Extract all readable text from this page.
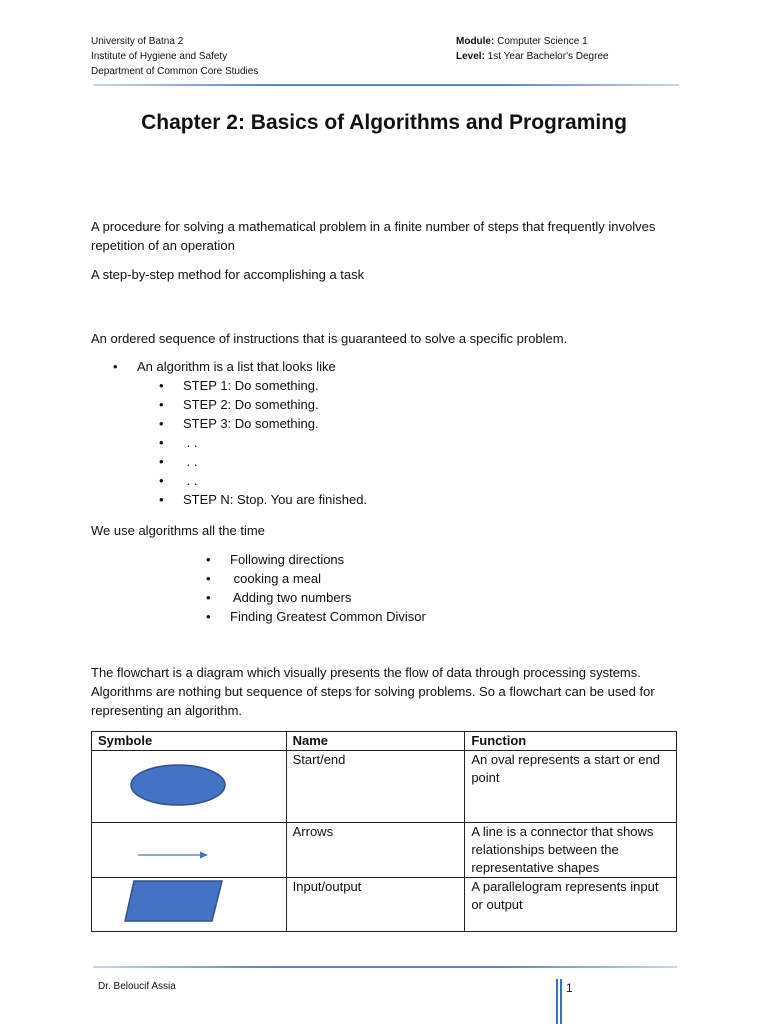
University of Batna 2
Institute of Hygiene and Safety
Department of Common Core Studies
Module: Computer Science 1
Level: 1st Year Bachelor's Degree
Chapter 2: Basics of Algorithms and Programing
A procedure for solving a mathematical problem in a finite number of steps that frequently involves repetition of an operation
A step-by-step method for accomplishing a task
An ordered sequence of instructions that is guaranteed to solve a specific problem.
• An algorithm is a list that looks like
• STEP 1: Do something.
• STEP 2: Do something.
• STEP 3: Do something.
• . .
• . .
• . .
• STEP N: Stop. You are finished.
We use algorithms all the time
• Following directions
• cooking a meal
• Adding two numbers
• Finding Greatest Common Divisor
The flowchart is a diagram which visually presents the flow of data through processing systems. Algorithms are nothing but sequence of steps for solving problems. So a flowchart can be used for representing an algorithm.
Symbole	Name	Function

	Start/end	An oval represents a start or end point

	Arrows	A line is a connector that shows relationships between the representative shapes

	Input/output	A parallelogram represents input or output
Dr. Beloucif Assia	1
